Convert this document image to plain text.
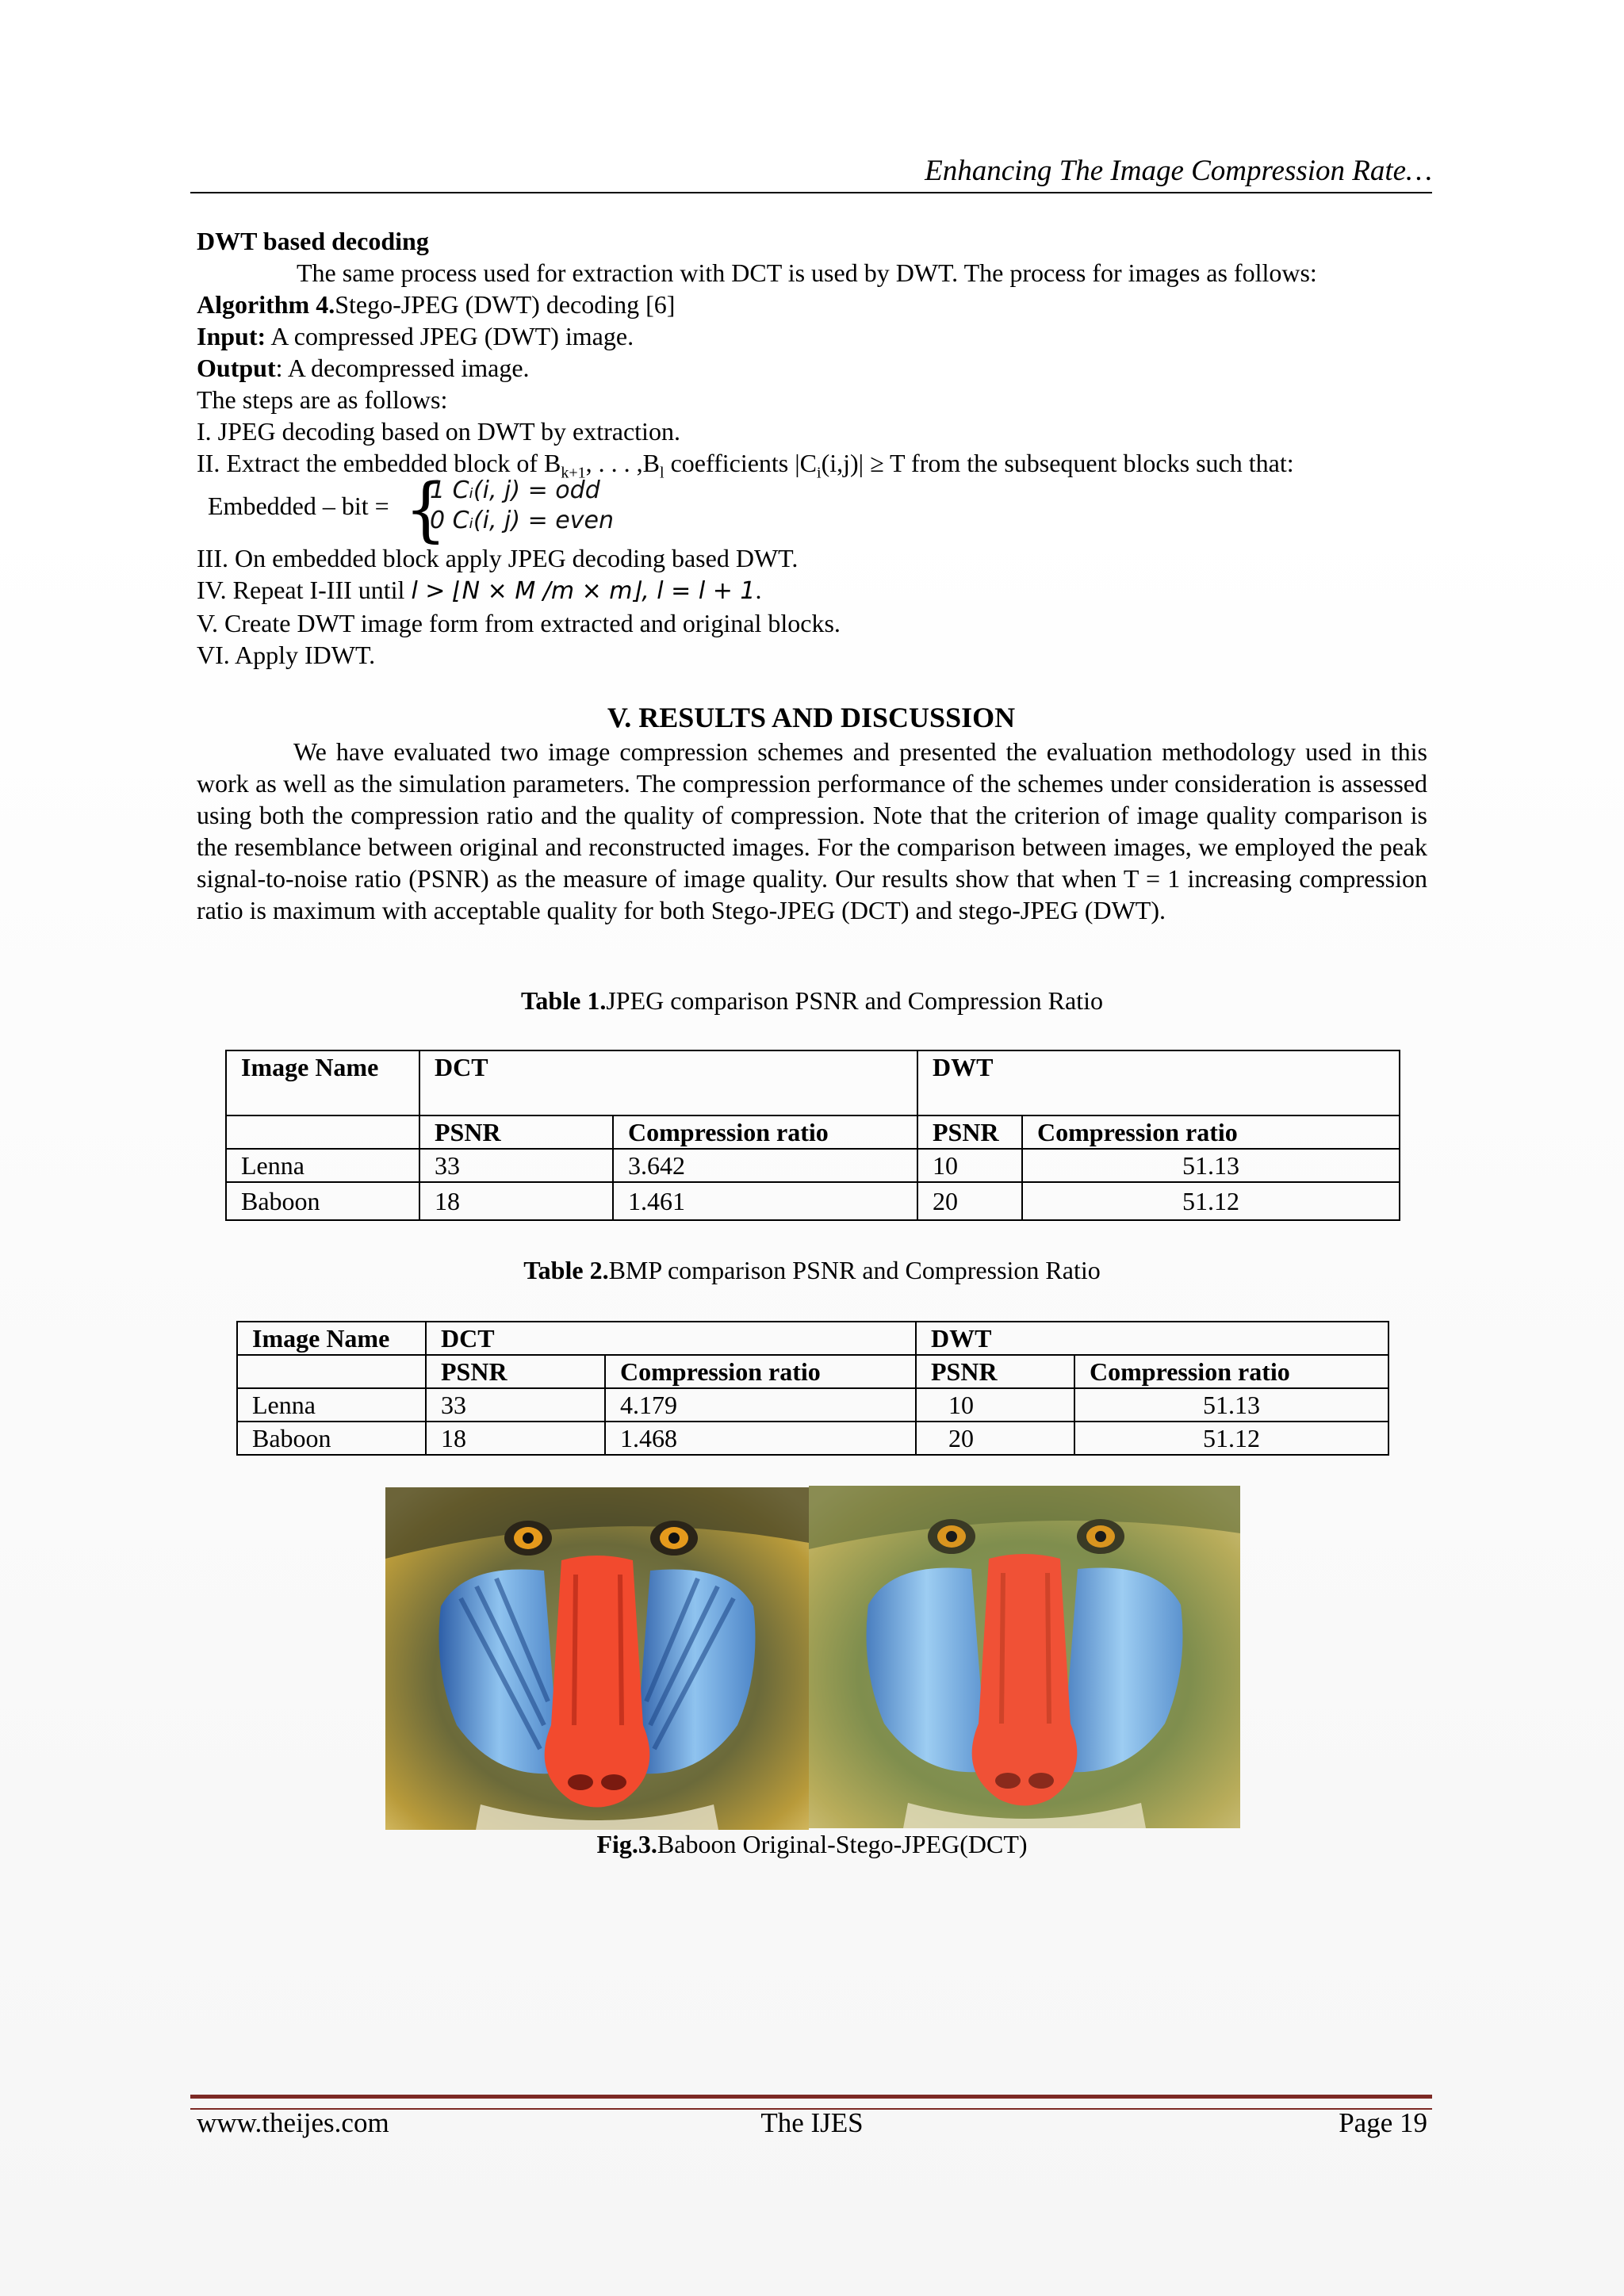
Enhancing The Image Compression Rate…
DWT based decoding
The same process used for extraction with DCT is used by DWT. The process for images as follows:
Algorithm 4.Stego-JPEG (DWT) decoding [6]
Input: A compressed JPEG (DWT) image.
Output: A decompressed image.
The steps are as follows:
I. JPEG decoding based on DWT by extraction.
II. Extract the embedded block of $B_{k+1}$, . . . $,B_l$ coefficients $|C_i(i,j)| \ge T$ from the subsequent blocks such that:
Embedded – bit = {
1 Cᵢ(i, j) = odd
0 Cᵢ(i, j) = even
III. On embedded block apply JPEG decoding based DWT.
IV. Repeat I-III until l > ⌊N × M /m × m⌋, l = l + 1.
V. Create DWT image form from extracted and original blocks.
VI. Apply IDWT.
V. RESULTS AND DISCUSSION
We have evaluated two image compression schemes and presented the evaluation methodology used in this work as well as the simulation parameters. The compression performance of the schemes under consideration is assessed using both the compression ratio and the quality of compression. Note that the criterion of image quality comparison is the resemblance between original and reconstructed images. For the comparison between images, we employed the peak signal-to-noise ratio (PSNR) as the measure of image quality. Our results show that when T = 1 increasing compression ratio is maximum with acceptable quality for both Stego-JPEG (DCT) and stego-JPEG (DWT).
Table 1.JPEG comparison PSNR and Compression Ratio
Image Name	DCT		DWT	
	PSNR	Compression ratio	PSNR	Compression ratio
Lenna	33	3.642	10	51.13
Baboon	18	1.461	20	51.12
Table 2.BMP comparison PSNR and Compression Ratio
Image Name	DCT		DWT	
	PSNR	Compression ratio	PSNR	Compression ratio
Lenna	33	4.179	10	51.13
Baboon	18	1.468	20	51.12
Fig.3.Baboon Original-Stego-JPEG(DCT)
www.theijes.com	The IJES	Page 19
